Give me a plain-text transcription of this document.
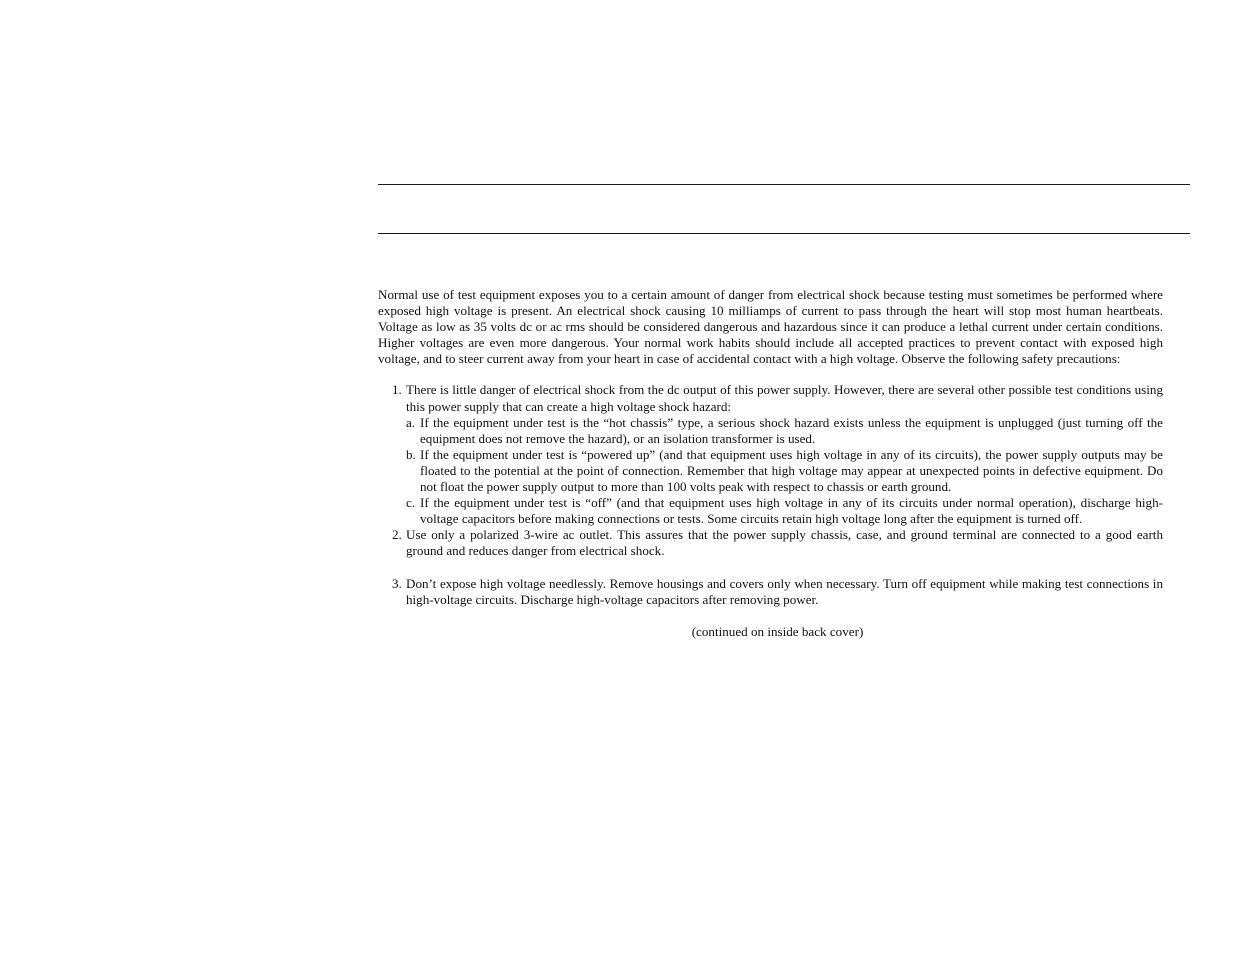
Normal use of test equipment exposes you to a certain amount of danger from electrical shock because testing must sometimes be performed where exposed high voltage is present. An electrical shock causing 10 milliamps of current to pass through the heart will stop most human heartbeats. Voltage as low as 35 volts dc or ac rms should be considered dangerous and hazardous since it can produce a lethal current under certain conditions. Higher voltages are even more dangerous. Your normal work habits should include all accepted practices to prevent contact with exposed high voltage, and to steer current away from your heart in case of accidental contact with a high voltage. Observe the following safety precautions:

1. There is little danger of electrical shock from the dc output of this power supply. However, there are several other possible test conditions using this power supply that can create a high voltage shock hazard:

a. If the equipment under test is the “hot chassis” type, a serious shock hazard exists unless the equipment is unplugged (just turning off the equipment does not remove the hazard), or an isolation transformer is used.

b. If the equipment under test is “powered up” (and that equipment uses high voltage in any of its circuits), the power supply outputs may be floated to the potential at the point of connection. Remember that high voltage may appear at unexpected points in defective equipment. Do not float the power supply output to more than 100 volts peak with respect to chassis or earth ground.

c. If the equipment under test is “off” (and that equipment uses high voltage in any of its circuits under normal operation), discharge high-voltage capacitors before making connections or tests. Some circuits retain high voltage long after the equipment is turned off.

2. Use only a polarized 3-wire ac outlet. This assures that the power supply chassis, case, and ground terminal are connected to a good earth ground and reduces danger from electrical shock.

3. Don’t expose high voltage needlessly. Remove housings and covers only when necessary. Turn off equipment while making test connections in high-voltage circuits. Discharge high-voltage capacitors after removing power.

(continued on inside back cover)
